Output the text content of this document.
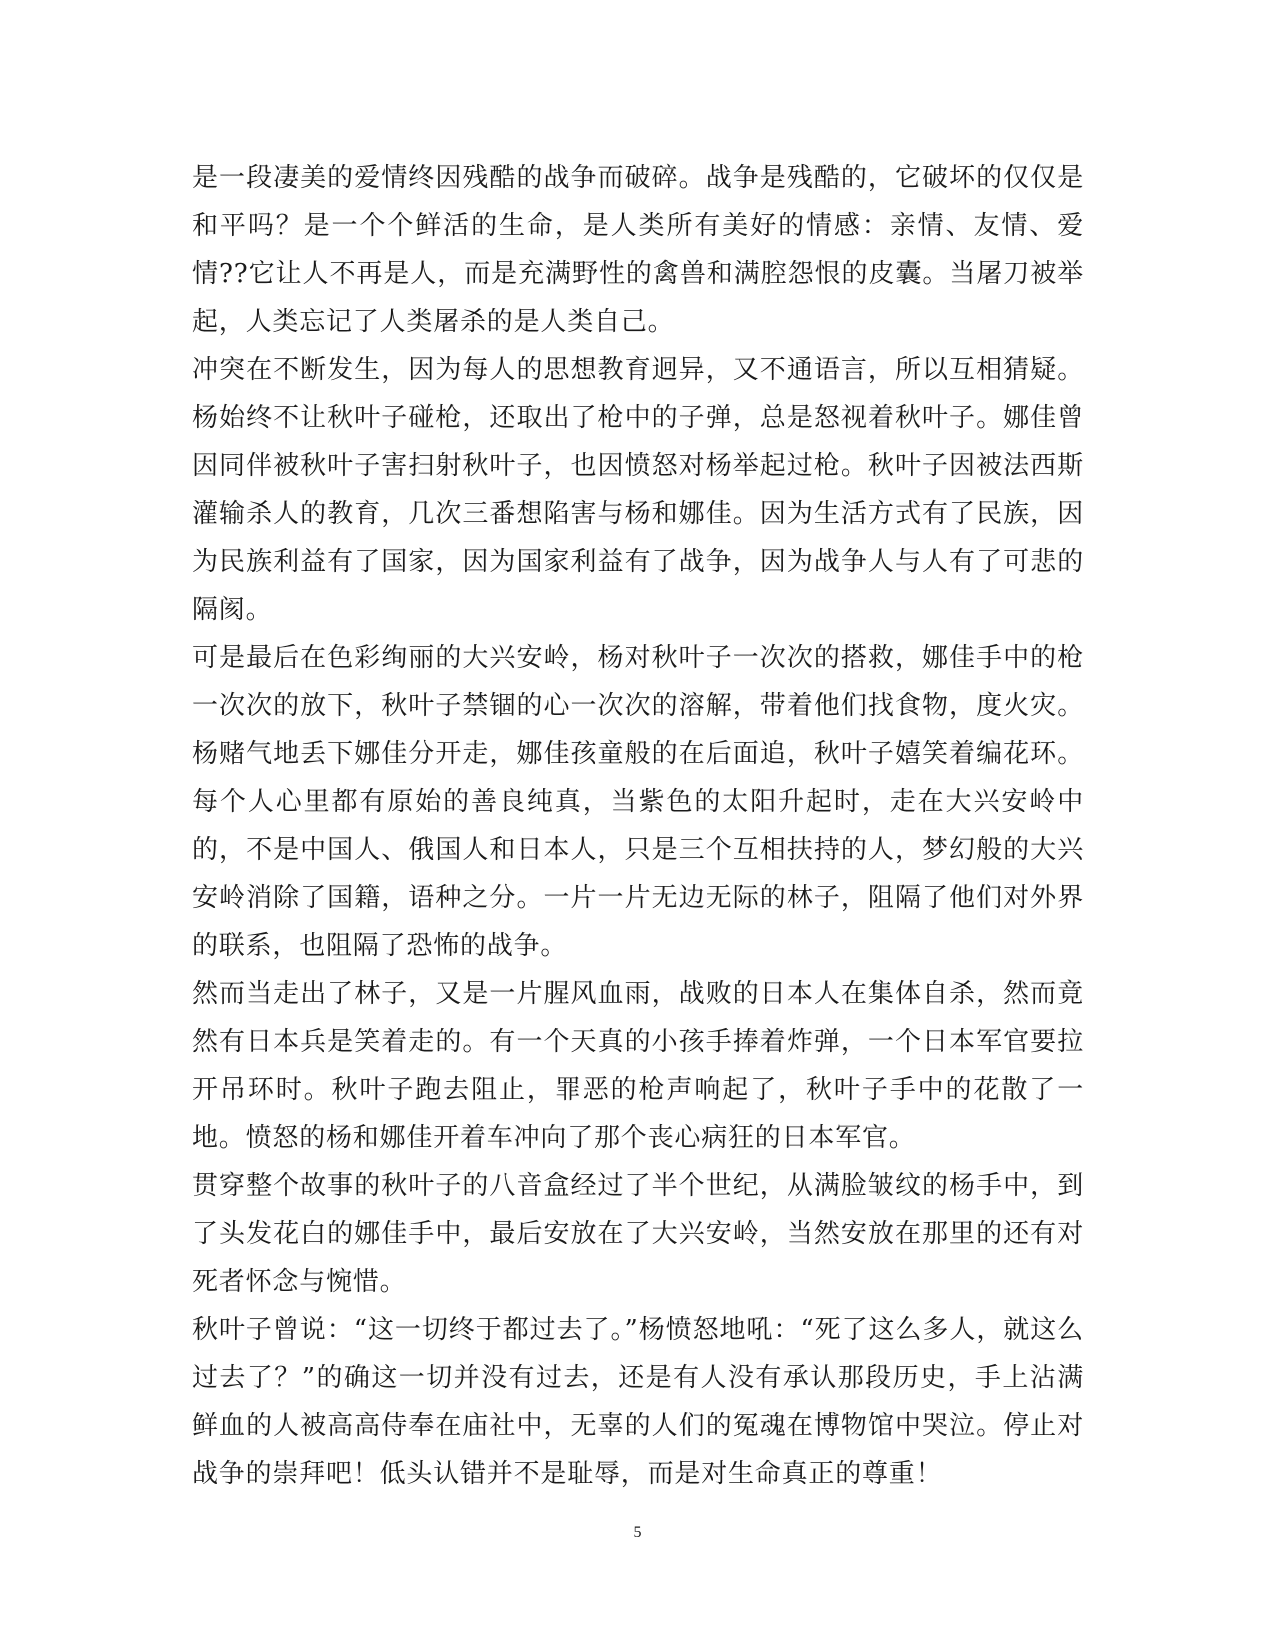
是一段凄美的爱情终因残酷的战争而破碎。战争是残酷的，它破坏的仅仅是和平吗？是一个个鲜活的生命，是人类所有美好的情感：亲情、友情、爱情??它让人不再是人，而是充满野性的禽兽和满腔怨恨的皮囊。当屠刀被举起，人类忘记了人类屠杀的是人类自己。

冲突在不断发生，因为每人的思想教育迥异，又不通语言，所以互相猜疑。杨始终不让秋叶子碰枪，还取出了枪中的子弹，总是怒视着秋叶子。娜佳曾因同伴被秋叶子害扫射秋叶子，也因愤怒对杨举起过枪。秋叶子因被法西斯灌输杀人的教育，几次三番想陷害与杨和娜佳。因为生活方式有了民族，因为民族利益有了国家，因为国家利益有了战争，因为战争人与人有了可悲的隔阂。

可是最后在色彩绚丽的大兴安岭，杨对秋叶子一次次的搭救，娜佳手中的枪一次次的放下，秋叶子禁锢的心一次次的溶解，带着他们找食物，度火灾。杨赌气地丢下娜佳分开走，娜佳孩童般的在后面追，秋叶子嬉笑着编花环。每个人心里都有原始的善良纯真，当紫色的太阳升起时，走在大兴安岭中的，不是中国人、俄国人和日本人，只是三个互相扶持的人，梦幻般的大兴安岭消除了国籍，语种之分。一片一片无边无际的林子，阻隔了他们对外界的联系，也阻隔了恐怖的战争。

然而当走出了林子，又是一片腥风血雨，战败的日本人在集体自杀，然而竟然有日本兵是笑着走的。有一个天真的小孩手捧着炸弹，一个日本军官要拉开吊环时。秋叶子跑去阻止，罪恶的枪声响起了，秋叶子手中的花散了一地。愤怒的杨和娜佳开着车冲向了那个丧心病狂的日本军官。

贯穿整个故事的秋叶子的八音盒经过了半个世纪，从满脸皱纹的杨手中，到了头发花白的娜佳手中，最后安放在了大兴安岭，当然安放在那里的还有对死者怀念与惋惜。

秋叶子曾说：“这一切终于都过去了。”杨愤怒地吼：“死了这么多人，就这么过去了？”的确这一切并没有过去，还是有人没有承认那段历史，手上沾满鲜血的人被高高侍奉在庙社中，无辜的人们的冤魂在博物馆中哭泣。停止对战争的崇拜吧！低头认错并不是耻辱，而是对生命真正的尊重！

5
